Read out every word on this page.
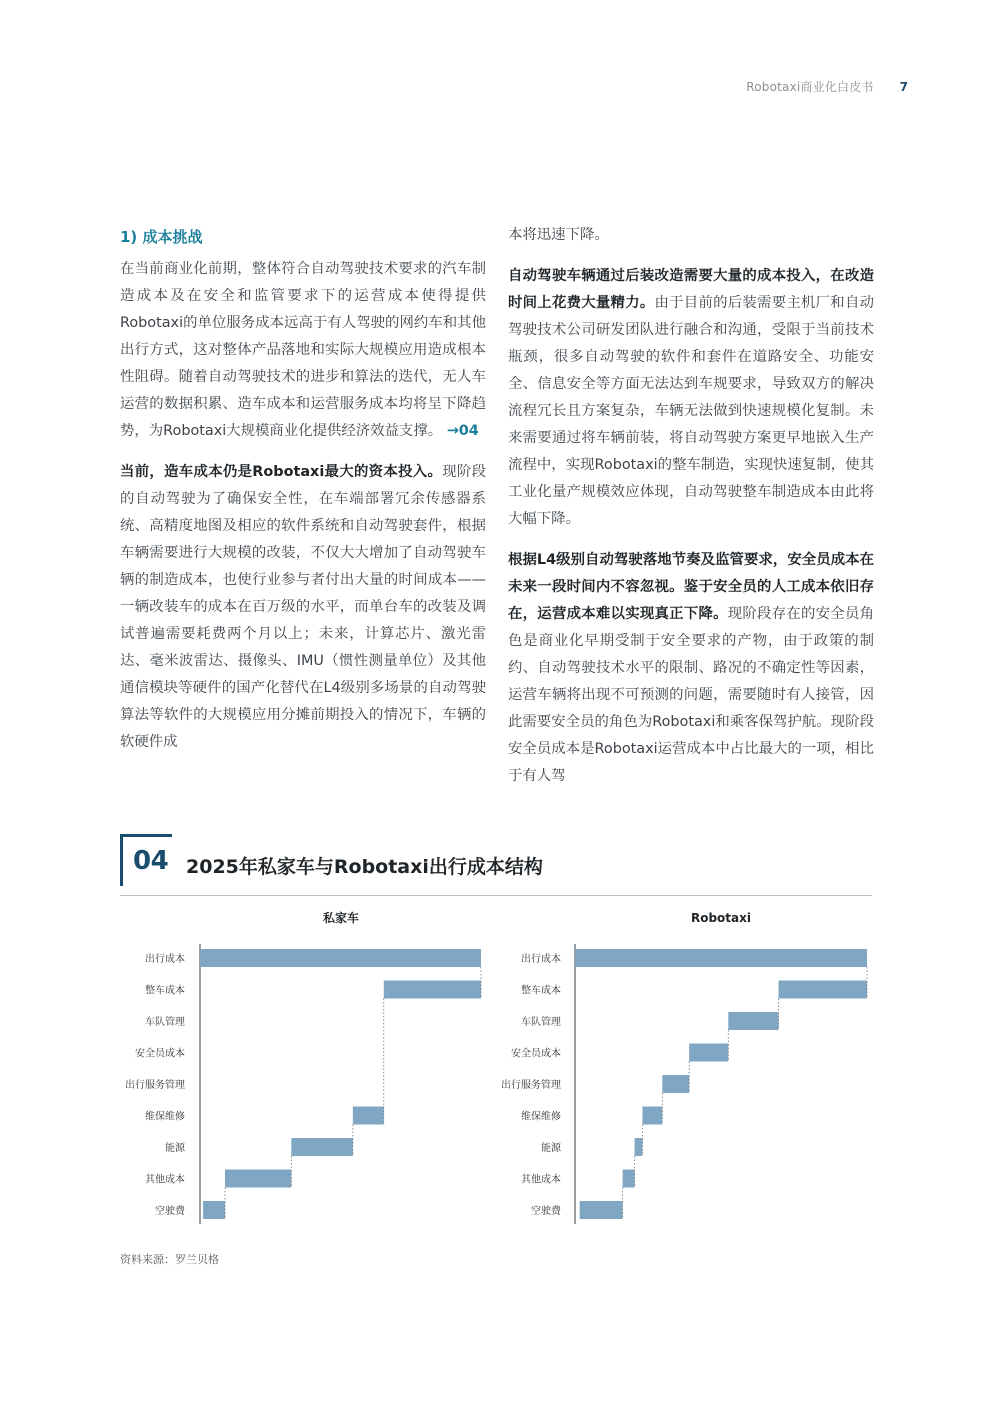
Robotaxi商业化白皮书 7
1) 成本挑战

在当前商业化前期，整体符合自动驾驶技术要求的汽车制造成本及在安全和监管要求下的运营成本使得提供Robotaxi的单位服务成本远高于有人驾驶的网约车和其他出行方式，这对整体产品落地和实际大规模应用造成根本性阻碍。随着自动驾驶技术的进步和算法的迭代，无人车运营的数据积累、造车成本和运营服务成本均将呈下降趋势，为Robotaxi大规模商业化提供经济效益支撑。 →04

当前，造车成本仍是Robotaxi最大的资本投入。现阶段的自动驾驶为了确保安全性，在车端部署冗余传感器系统、高精度地图及相应的软件系统和自动驾驶套件，根据车辆需要进行大规模的改装，不仅大大增加了自动驾驶车辆的制造成本，也使行业参与者付出大量的时间成本——一辆改装车的成本在百万级的水平，而单台车的改装及调试普遍需要耗费两个月以上；未来，计算芯片、激光雷达、毫米波雷达、摄像头、IMU（惯性测量单位）及其他通信模块等硬件的国产化替代在L4级别多场景的自动驾驶算法等软件的大规模应用分摊前期投入的情况下，车辆的软硬件成

本将迅速下降。

自动驾驶车辆通过后装改造需要大量的成本投入，在改造时间上花费大量精力。由于目前的后装需要主机厂和自动驾驶技术公司研发团队进行融合和沟通，受限于当前技术瓶颈，很多自动驾驶的软件和套件在道路安全、功能安全、信息安全等方面无法达到车规要求，导致双方的解决流程冗长且方案复杂，车辆无法做到快速规模化复制。未来需要通过将车辆前装，将自动驾驶方案更早地嵌入生产流程中，实现Robotaxi的整车制造，实现快速复制，使其工业化量产规模效应体现，自动驾驶整车制造成本由此将大幅下降。

根据L4级别自动驾驶落地节奏及监管要求，安全员成本在未来一段时间内不容忽视。鉴于安全员的人工成本依旧存在，运营成本难以实现真正下降。现阶段存在的安全员角色是商业化早期受制于安全要求的产物，由于政策的制约、自动驾驶技术水平的限制、路况的不确定性等因素，运营车辆将出现不可预测的问题，需要随时有人接管，因此需要安全员的角色为Robotaxi和乘客保驾护航。现阶段安全员成本是Robotaxi运营成本中占比最大的一项，相比于有人驾

04 2025年私家车与Robotaxi出行成本结构
私家车
出行成本
整车成本
车队管理
安全员成本
出行服务管理
维保维修
能源
其他成本
空驶费
Robotaxi
出行成本
整车成本
车队管理
安全员成本
出行服务管理
维保维修
能源
其他成本
空驶费
资料来源：罗兰贝格
